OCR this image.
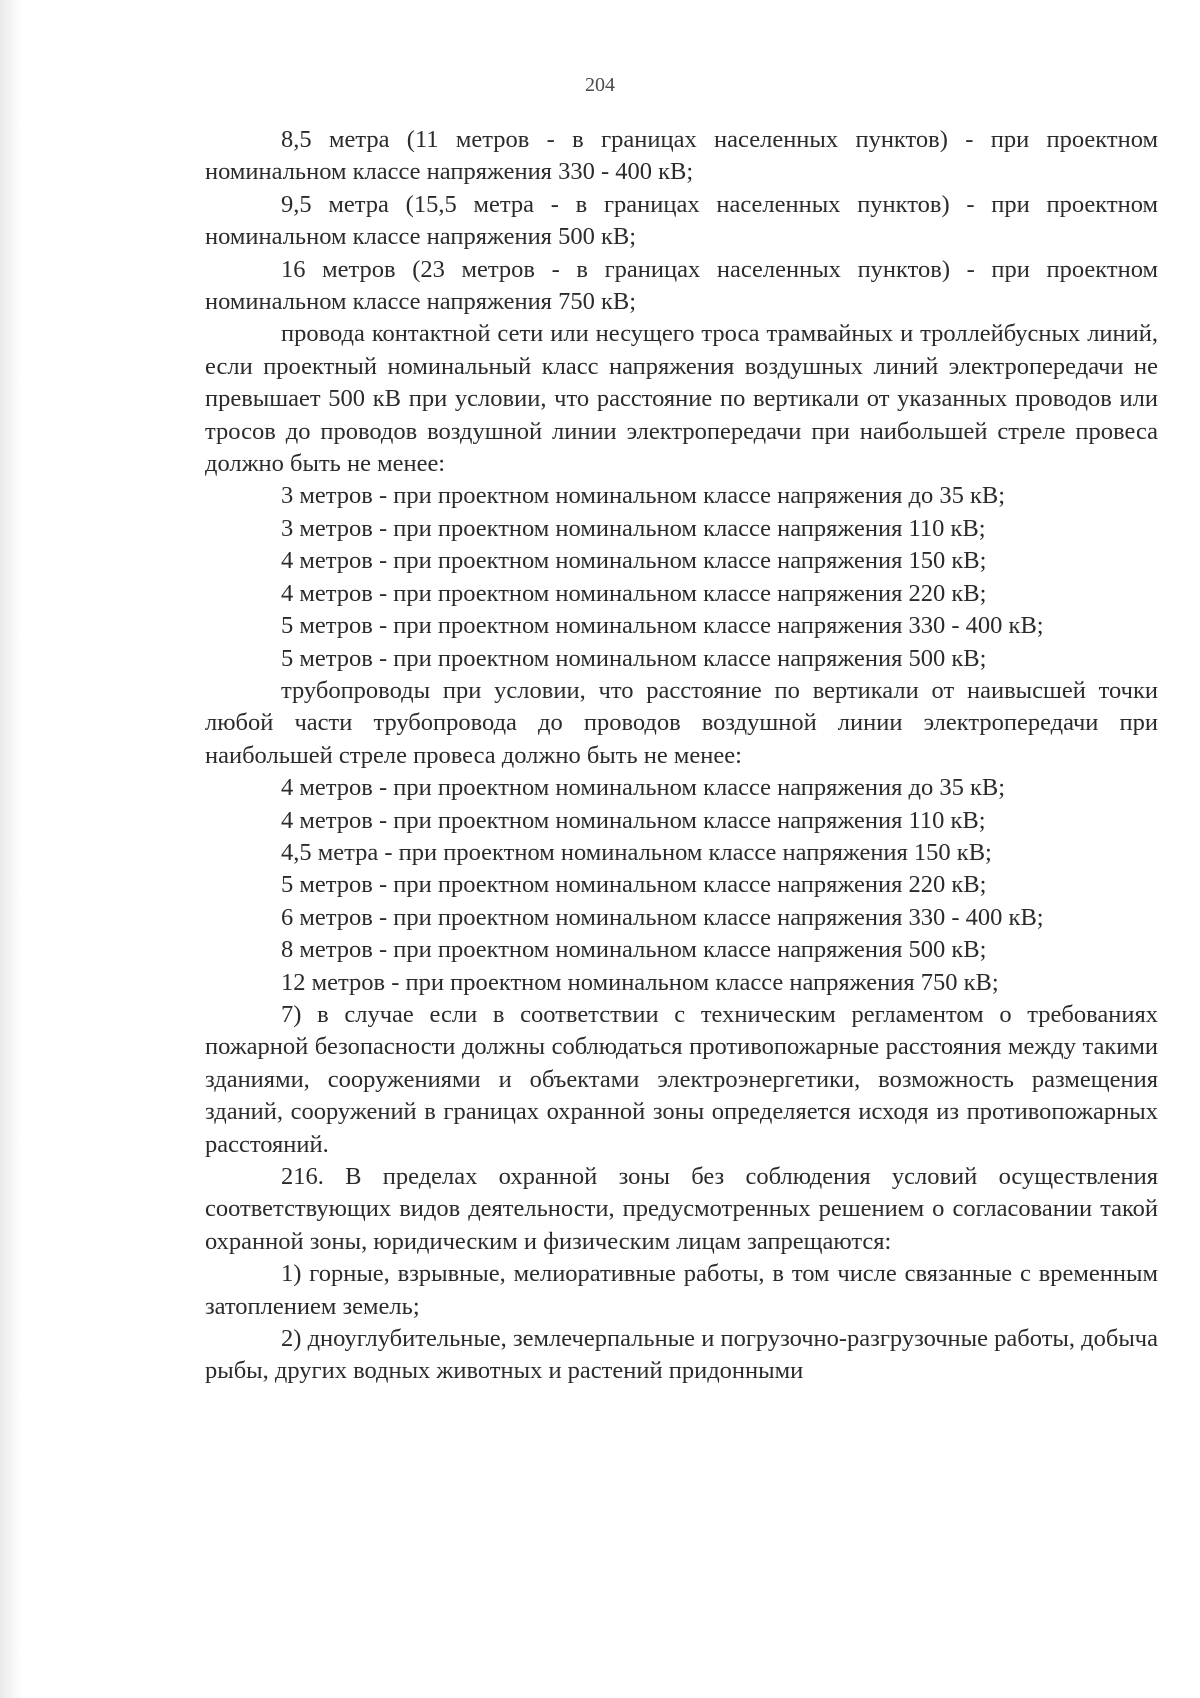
204

8,5 метра (11 метров - в границах населенных пунктов) - при проектном номинальном классе напряжения 330 - 400 кВ;

9,5 метра (15,5 метра - в границах населенных пунктов) - при проектном номинальном классе напряжения 500 кВ;

16 метров (23 метров - в границах населенных пунктов) - при проектном номинальном классе напряжения 750 кВ;

провода контактной сети или несущего троса трамвайных и троллейбусных линий, если проектный номинальный класс напряжения воздушных линий электропередачи не превышает 500 кВ при условии, что расстояние по вертикали от указанных проводов или тросов до проводов воздушной линии электропередачи при наибольшей стреле провеса должно быть не менее:

3 метров - при проектном номинальном классе напряжения до 35 кВ;

3 метров - при проектном номинальном классе напряжения 110 кВ;

4 метров - при проектном номинальном классе напряжения 150 кВ;

4 метров - при проектном номинальном классе напряжения 220 кВ;

5 метров - при проектном номинальном классе напряжения 330 - 400 кВ;

5 метров - при проектном номинальном классе напряжения 500 кВ;

трубопроводы при условии, что расстояние по вертикали от наивысшей точки любой части трубопровода до проводов воздушной линии электропередачи при наибольшей стреле провеса должно быть не менее:

4 метров - при проектном номинальном классе напряжения до 35 кВ;

4 метров - при проектном номинальном классе напряжения 110 кВ;

4,5 метра - при проектном номинальном классе напряжения 150 кВ;

5 метров - при проектном номинальном классе напряжения 220 кВ;

6 метров - при проектном номинальном классе напряжения 330 - 400 кВ;

8 метров - при проектном номинальном классе напряжения 500 кВ;

12 метров - при проектном номинальном классе напряжения 750 кВ;

7) в случае если в соответствии с техническим регламентом о требованиях пожарной безопасности должны соблюдаться противопожарные расстояния между такими зданиями, сооружениями и объектами электроэнергетики, возможность размещения зданий, сооружений в границах охранной зоны определяется исходя из противопожарных расстояний.

216. В пределах охранной зоны без соблюдения условий осуществления соответствующих видов деятельности, предусмотренных решением о согласовании такой охранной зоны, юридическим и физическим лицам запрещаются:

1) горные, взрывные, мелиоративные работы, в том числе связанные с временным затоплением земель;

2) дноуглубительные, землечерпальные и погрузочно-разгрузочные работы, добыча рыбы, других водных животных и растений придонными
